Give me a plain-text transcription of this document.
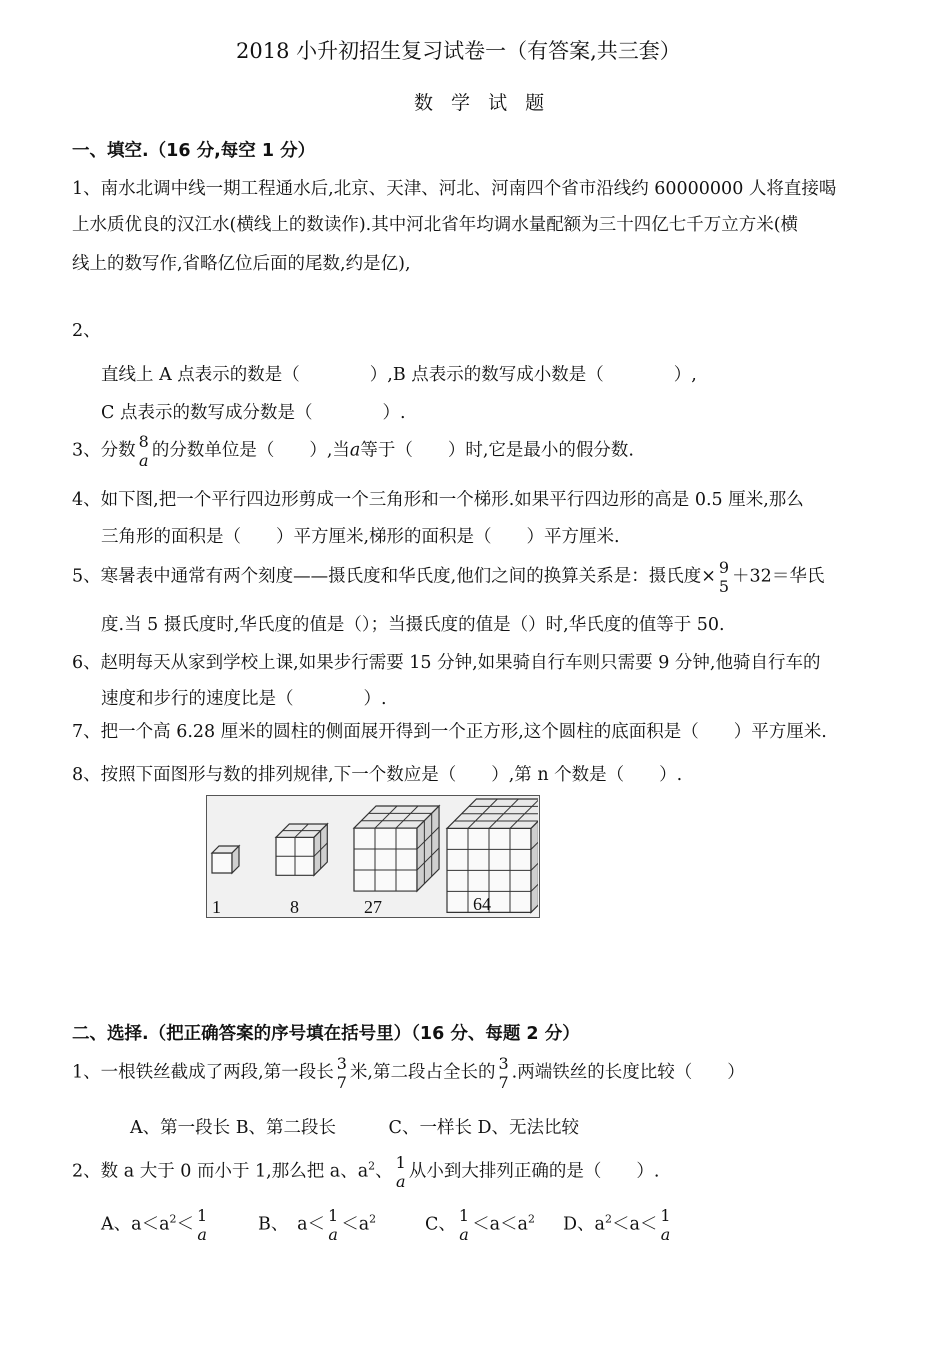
2018 小升初招生复习试卷一（有答案,共三套）
数 学 试 题
一、填空.（16 分,每空 1 分）
1、南水北调中线一期工程通水后,北京、天津、河北、河南四个省市沿线约 60000000 人将直接喝
上水质优良的汉江水(横线上的数读作).其中河北省年均调水量配额为三十四亿七千万立方米(横
线上的数写作,省略亿位后面的尾数,约是亿),
2、
直线上 A 点表示的数是（　　　　）,B 点表示的数写成小数是（　　　　）,
C 点表示的数写成分数是（　　　　）.
3、分数 8
a 的分数单位是（　　）,当a等于（　　）时,它是最小的假分数.
4、如下图,把一个平行四边形剪成一个三角形和一个梯形.如果平行四边形的高是 0.5 厘米,那么
三角形的面积是（　　）平方厘米,梯形的面积是（　　）平方厘米.
5、寒暑表中通常有两个刻度——摄氏度和华氏度,他们之间的换算关系是：摄氏度× 9
5 ＋32＝华氏
度.当 5 摄氏度时,华氏度的值是（）；当摄氏度的值是（）时,华氏度的值等于 50.
6、赵明每天从家到学校上课,如果步行需要 15 分钟,如果骑自行车则只需要 9 分钟,他骑自行车的
速度和步行的速度比是（　　　　）.
7、把一个高 6.28 厘米的圆柱的侧面展开得到一个正方形,这个圆柱的底面积是（　　）平方厘米.
8、按照下面图形与数的排列规律,下一个数应是（　　）,第 n 个数是（　　）.
1	8	27	64
二、选择.（把正确答案的序号填在括号里）（16 分、每题 2 分）
1、一根铁丝截成了两段,第一段长 3
7 米,第二段占全长的 3
7 .两端铁丝的长度比较（　　）
A、第一段长 B、第二段长　　　C、一样长 D、无法比较
2、数 a 大于 0 而小于 1,那么把 a、$a^2$、 1
a 从小到大排列正确的是（　　）.
A、$a<a^2< 1$
a	B、　a＜ 1
$a <a^2$	C、 1
$a <a<a^2$ D、$a^2<a< 1$
a
